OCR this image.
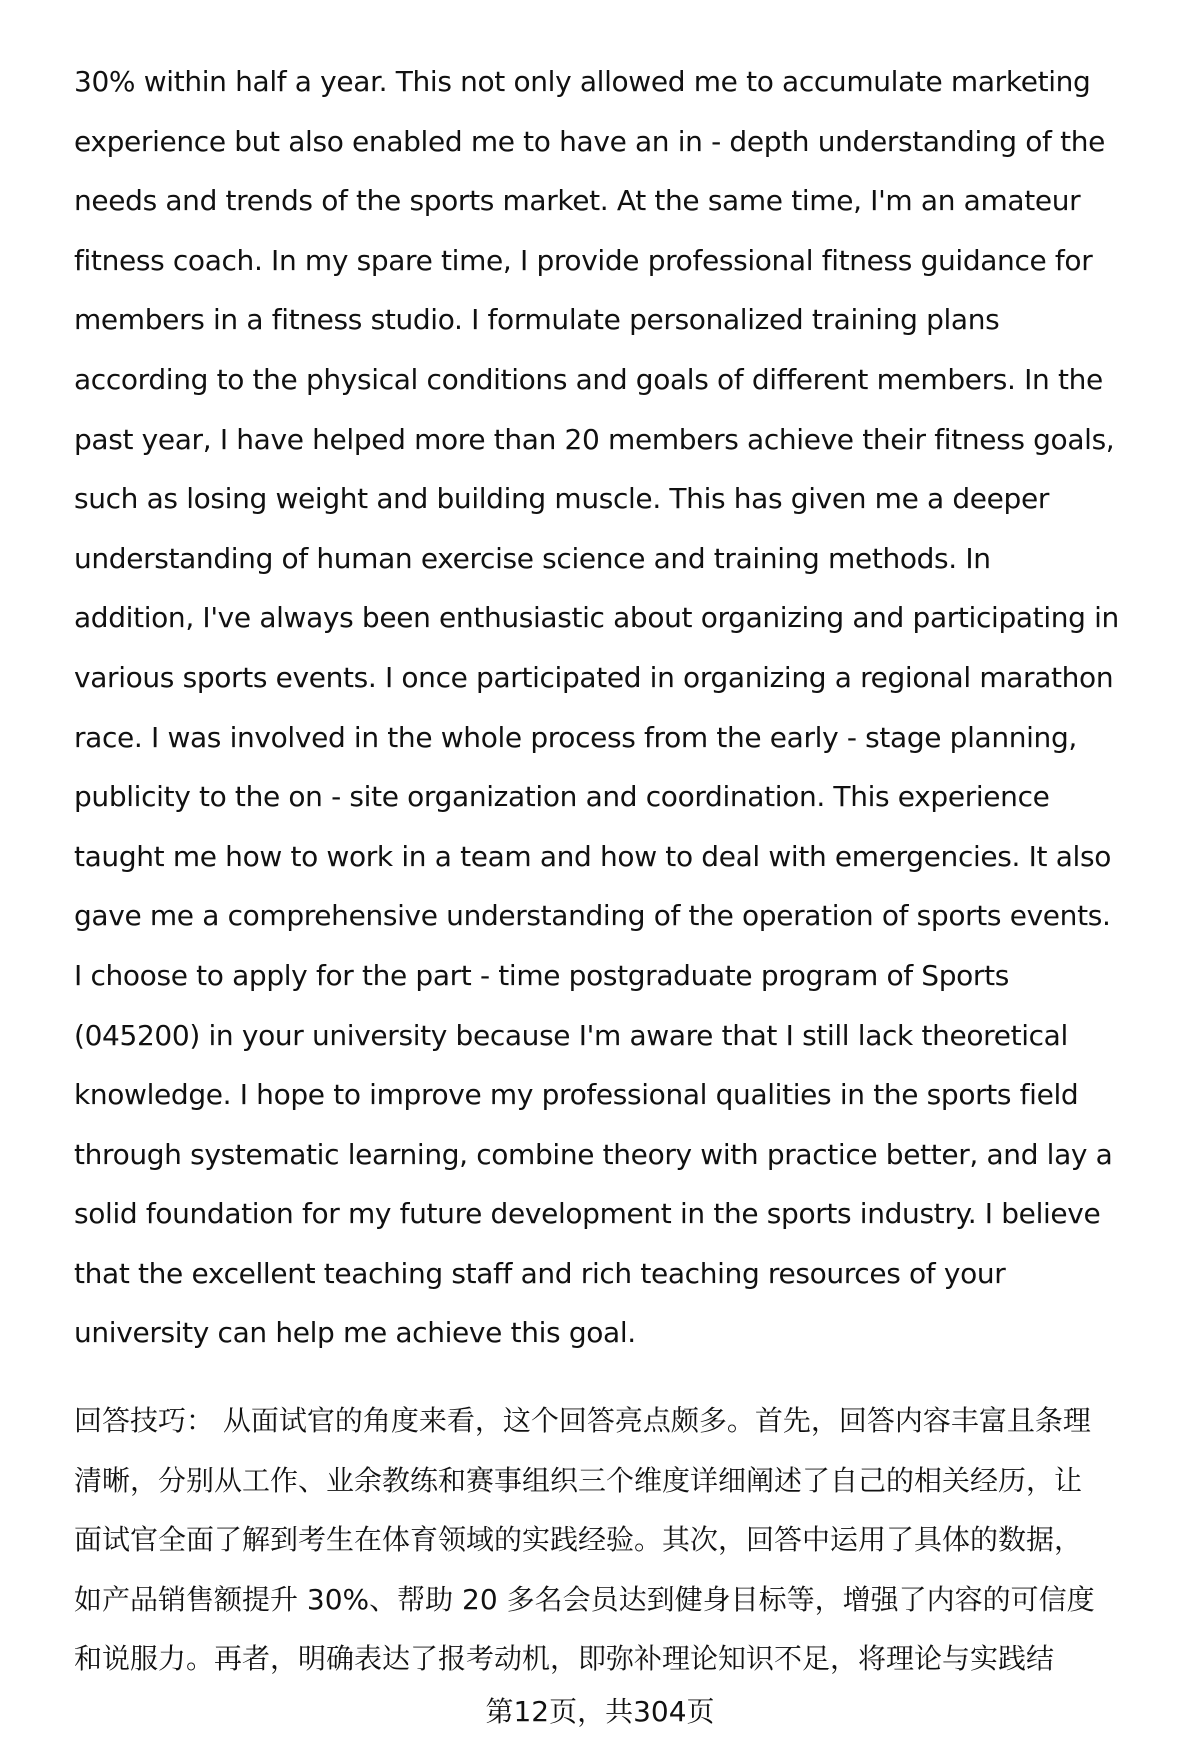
30% within half a year. This not only allowed me to accumulate marketing
experience but also enabled me to have an in - depth understanding of the
needs and trends of the sports market. At the same time, I'm an amateur
fitness coach. In my spare time, I provide professional fitness guidance for
members in a fitness studio. I formulate personalized training plans
according to the physical conditions and goals of different members. In the
past year, I have helped more than 20 members achieve their fitness goals,
such as losing weight and building muscle. This has given me a deeper
understanding of human exercise science and training methods. In
addition, I've always been enthusiastic about organizing and participating in
various sports events. I once participated in organizing a regional marathon
race. I was involved in the whole process from the early - stage planning,
publicity to the on - site organization and coordination. This experience
taught me how to work in a team and how to deal with emergencies. It also
gave me a comprehensive understanding of the operation of sports events.
I choose to apply for the part - time postgraduate program of Sports
(045200) in your university because I'm aware that I still lack theoretical
knowledge. I hope to improve my professional qualities in the sports field
through systematic learning, combine theory with practice better, and lay a
solid foundation for my future development in the sports industry. I believe
that the excellent teaching staff and rich teaching resources of your
university can help me achieve this goal.
回答技巧： 从面试官的角度来看，这个回答亮点颇多。首先，回答内容丰富且条理
清晰，分别从工作、业余教练和赛事组织三个维度详细阐述了自己的相关经历，让
面试官全面了解到考生在体育领域的实践经验。其次，回答中运用了具体的数据，
如产品销售额提升 30%、帮助 20 多名会员达到健身目标等，增强了内容的可信度
和说服力。再者，明确表达了报考动机，即弥补理论知识不足，将理论与实践结
第12页，共304页
